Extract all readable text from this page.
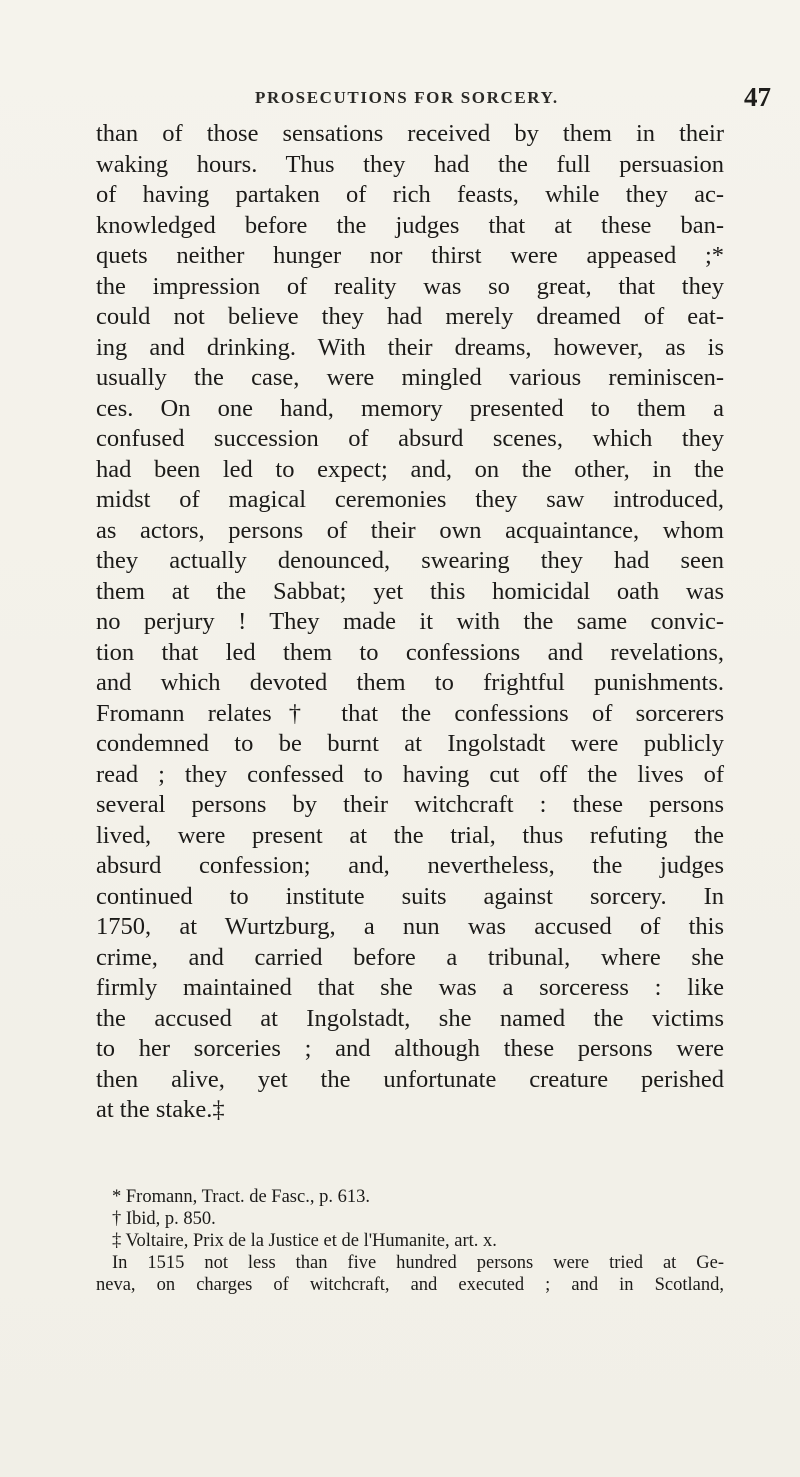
PROSECUTIONS FOR SORCERY.	47
than of those sensations received by them in their
waking hours. Thus they had the full persuasion
of having partaken of rich feasts, while they ac-
knowledged before the judges that at these ban-
quets neither hunger nor thirst were appeased ;*
the impression of reality was so great, that they
could not believe they had merely dreamed of eat-
ing and drinking. With their dreams, however, as is
usually the case, were mingled various reminiscen-
ces. On one hand, memory presented to them a
confused succession of absurd scenes, which they
had been led to expect; and, on the other, in the
midst of magical ceremonies they saw introduced,
as actors, persons of their own acquaintance, whom
they actually denounced, swearing they had seen
them at the Sabbat; yet this homicidal oath was
no perjury ! They made it with the same convic-
tion that led them to confessions and revelations,
and which devoted them to frightful punishments.
Fromann relates† that the confessions of sorcerers
condemned to be burnt at Ingolstadt were publicly
read ; they confessed to having cut off the lives of
several persons by their witchcraft : these persons
lived, were present at the trial, thus refuting the
absurd confession; and, nevertheless, the judges
continued to institute suits against sorcery. In
1750, at Wurtzburg, a nun was accused of this
crime, and carried before a tribunal, where she
firmly maintained that she was a sorceress : like
the accused at Ingolstadt, she named the victims
to her sorceries ; and although these persons were
then alive, yet the unfortunate creature perished
at the stake.‡
* Fromann, Tract. de Fasc., p. 613.
† Ibid, p. 850.
‡ Voltaire, Prix de la Justice et de l'Humanite, art. x.
In 1515 not less than five hundred persons were tried at Ge-
neva, on charges of witchcraft, and executed ; and in Scotland,
